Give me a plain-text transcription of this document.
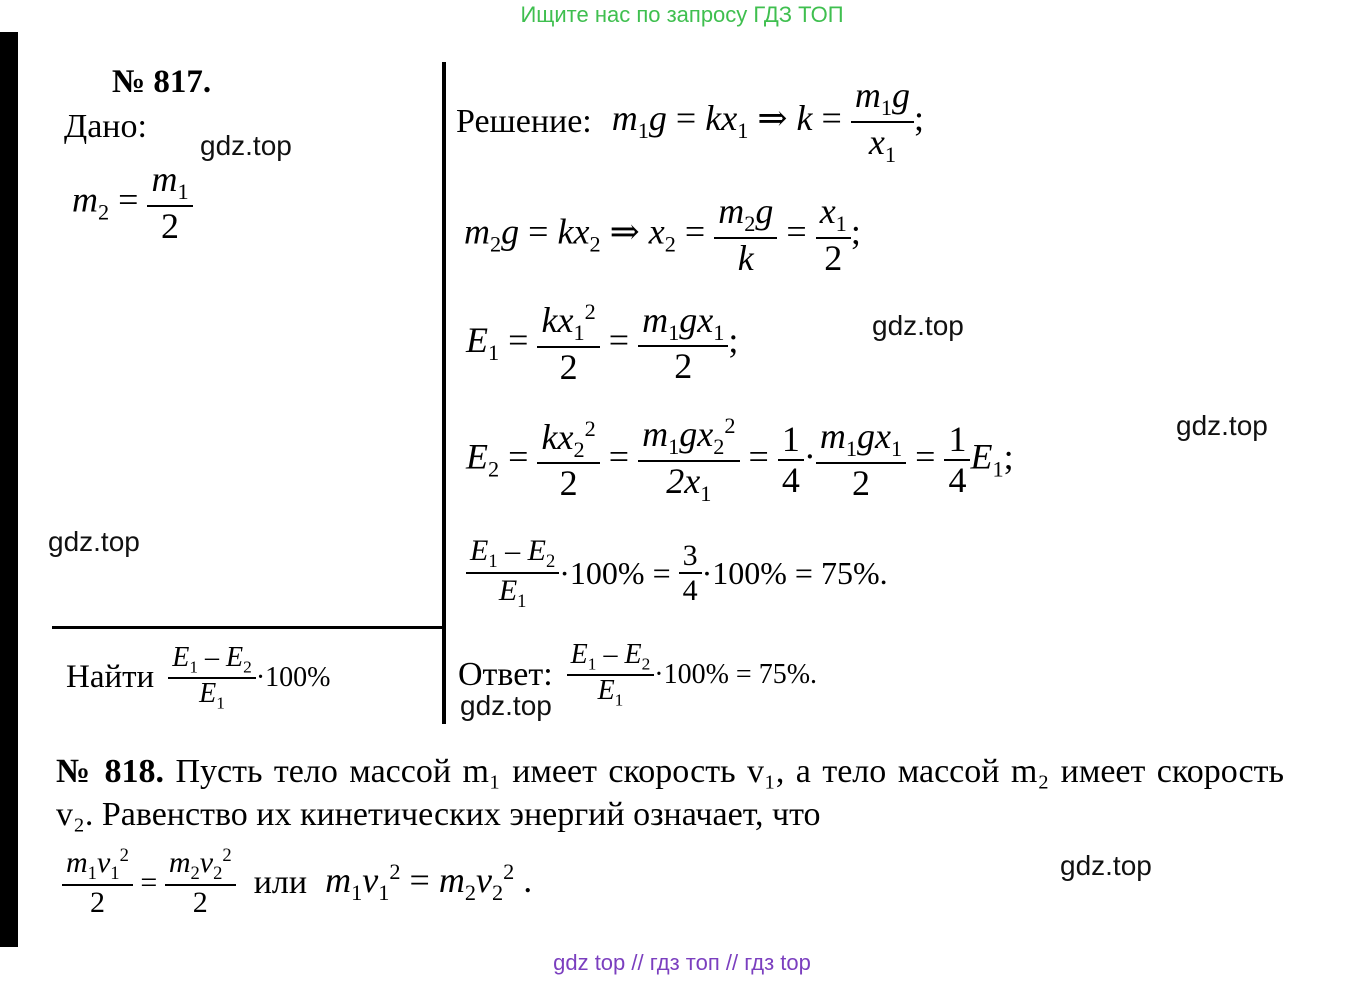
Ищите нас по запросу ГДЗ ТОП
№ 817.
Дано:
$m_2 = \frac{m_1}{2}$
Найти $\frac{E_1 - E_2}{E_1} \cdot 100\%$
Решение: $m_1g = kx_1$ ⇒ $k = \frac{m_1g}{x_1}$ ;
$m_2g = kx_2$ ⇒ $x_2 = \frac{m_2g}{k} = \frac{x_1}{2}$ ;
$E_1 = \frac{kx_1^2}{2} = \frac{m_1gx_1}{2}$ ;
$E_2 = \frac{kx_2^2}{2} = \frac{m_1gx_2^2}{2x_1} = \frac{1}{4} \cdot \frac{m_1gx_1}{2} = \frac{1}{4} E_1$;
$\frac{E_1 - E_2}{E_1} \cdot 100\% = \frac{3}{4} \cdot 100\% = 75\%$.
Ответ: $\frac{E_1 - E_2}{E_1} \cdot 100\% = 75\%$.
№ 818. Пусть тело массой m₁ имеет скорость v₁, а тело массой m₂ имеет скорость v₂. Равенство их кинетических энергий означает, что
$\frac{m_1v_1^2}{2} = \frac{m_2v_2^2}{2}$ или $m_1v_1^2 = m_2v_2^2$ .
gdz.top
gdz.top
gdz.top
gdz.top
gdz.top
gdz.top
gdz top // гдз топ // гдз top
